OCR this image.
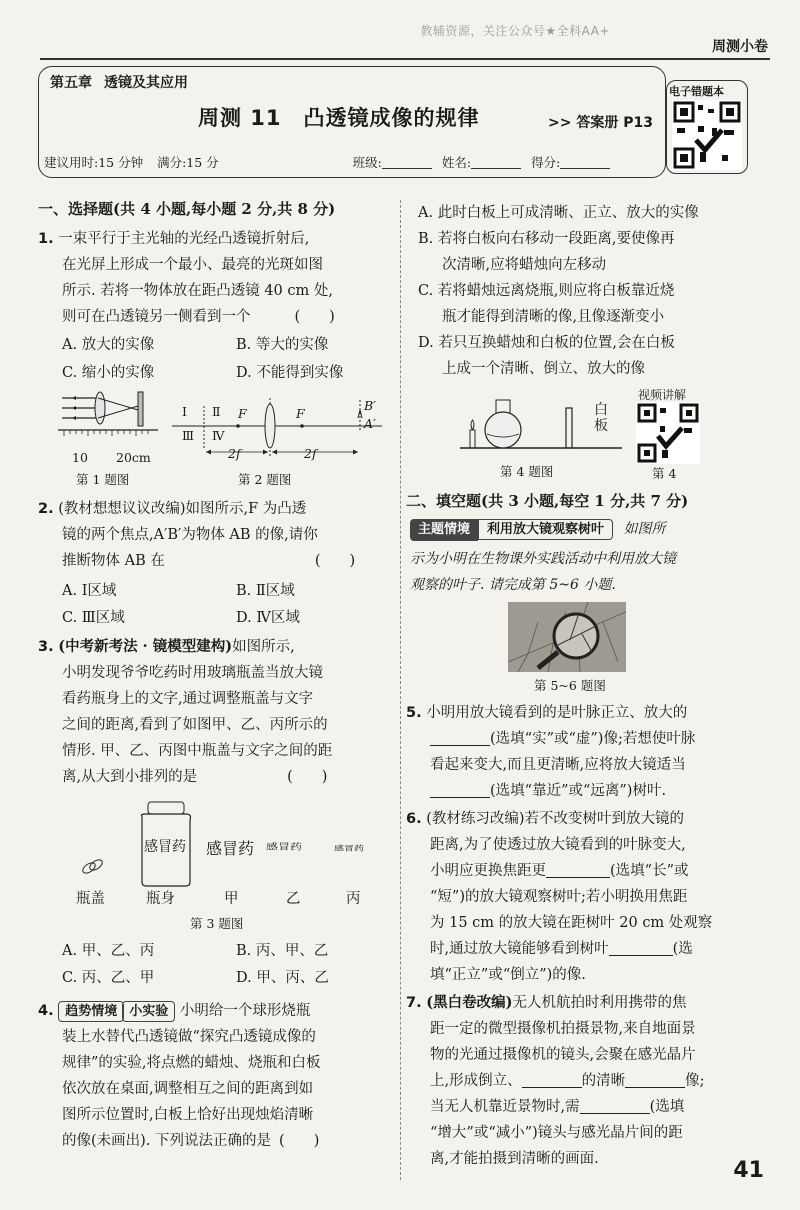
教辅资源，关注公众号★全科AA+
周测小卷
第五章 透镜及其应用
周测 11　凸透镜成像的规律	>> 答案册 P13
建议用时:15 分钟 满分:15 分	班级:	姓名:	得分:
电子错题本
一、选择题(共 4 小题,每小题 2 分,共 8 分)
1. 一束平行于主光轴的光经凸透镜折射后,
在光屏上形成一个最小、最亮的光斑如图
所示. 若将一物体放在距凸透镜 40 cm 处,
则可在凸透镜另一侧看到一个	(　　)
A. 放大的实像	B. 等大的实像
C. 缩小的实像	D. 不能得到实像
10 20cm
第 1 题图
Ⅰ Ⅱ
Ⅲ Ⅳ
F	F
B′
A′
2f	2f
第 2 题图
2. (教材想想议议改编)如图所示,F 为凸透
镜的两个焦点,A′B′为物体 AB 的像,请你
推断物体 AB 在	(　　)
A. Ⅰ区域	B. Ⅱ区域
C. Ⅲ区域	D. Ⅳ区域
3. (中考新考法 · 镜模型建构)如图所示,
小明发现爷爷吃药时用玻璃瓶盖当放大镜
看药瓶身上的文字,通过调整瓶盖与文字
之间的距离,看到了如图甲、乙、丙所示的
情形. 甲、乙、丙图中瓶盖与文字之间的距
离,从大到小排列的是	(　　)
感冒药 感冒药 感冒药	感冒药
瓶盖	瓶身	甲	乙	丙
第 3 题图
A. 甲、乙、丙	B. 丙、甲、乙
C. 丙、乙、甲	D. 甲、丙、乙
4. 趋势情境 小实验 小明给一个球形烧瓶
装上水替代凸透镜做“探究凸透镜成像的
规律”的实验,将点燃的蜡烛、烧瓶和白板
依次放在桌面,调整相互之间的距离到如
图所示位置时,白板上恰好出现烛焰清晰
的像(未画出). 下列说法正确的是 (　　)
A. 此时白板上可成清晰、正立、放大的实像
B. 若将白板向右移动一段距离,要使像再
次清晰,应将蜡烛向左移动
C. 若将蜡烛远离烧瓶,则应将白板靠近烧
瓶才能得到清晰的像,且像逐渐变小
D. 若只互换蜡烛和白板的位置,会在白板
上成一个清晰、倒立、放大的像
白板
第 4 题图
视频讲解
第 4
二、填空题(共 3 小题,每空 1 分,共 7 分)
主题情境 利用放大镜观察树叶 如图所
示为小明在生物课外实践活动中利用放大镜
观察的叶子. 请完成第 5~6 小题.
第 5~6 题图
5. 小明用放大镜看到的是叶脉正立、放大的
(选填“实”或“虚”)像;若想使叶脉
看起来变大,而且更清晰,应将放大镜适当
(选填“靠近”或“远离”)树叶.
6. (教材练习改编)若不改变树叶到放大镜的
距离,为了使透过放大镜看到的叶脉变大,
小明应更换焦距更	(选填“长”或
“短”)的放大镜观察树叶;若小明换用焦距
为 15 cm 的放大镜在距树叶 20 cm 处观察
时,通过放大镜能够看到树叶	(选
填“正立”或“倒立”)的像.
7. (黑白卷改编)无人机航拍时利用携带的焦
距一定的微型摄像机拍摄景物,来自地面景
物的光通过摄像机的镜头,会聚在感光晶片
上,形成倒立、	的清晰	像;
当无人机靠近景物时,需	(选填
“增大”或“减小”)镜头与感光晶片间的距
离,才能拍摄到清晰的画面.	41
